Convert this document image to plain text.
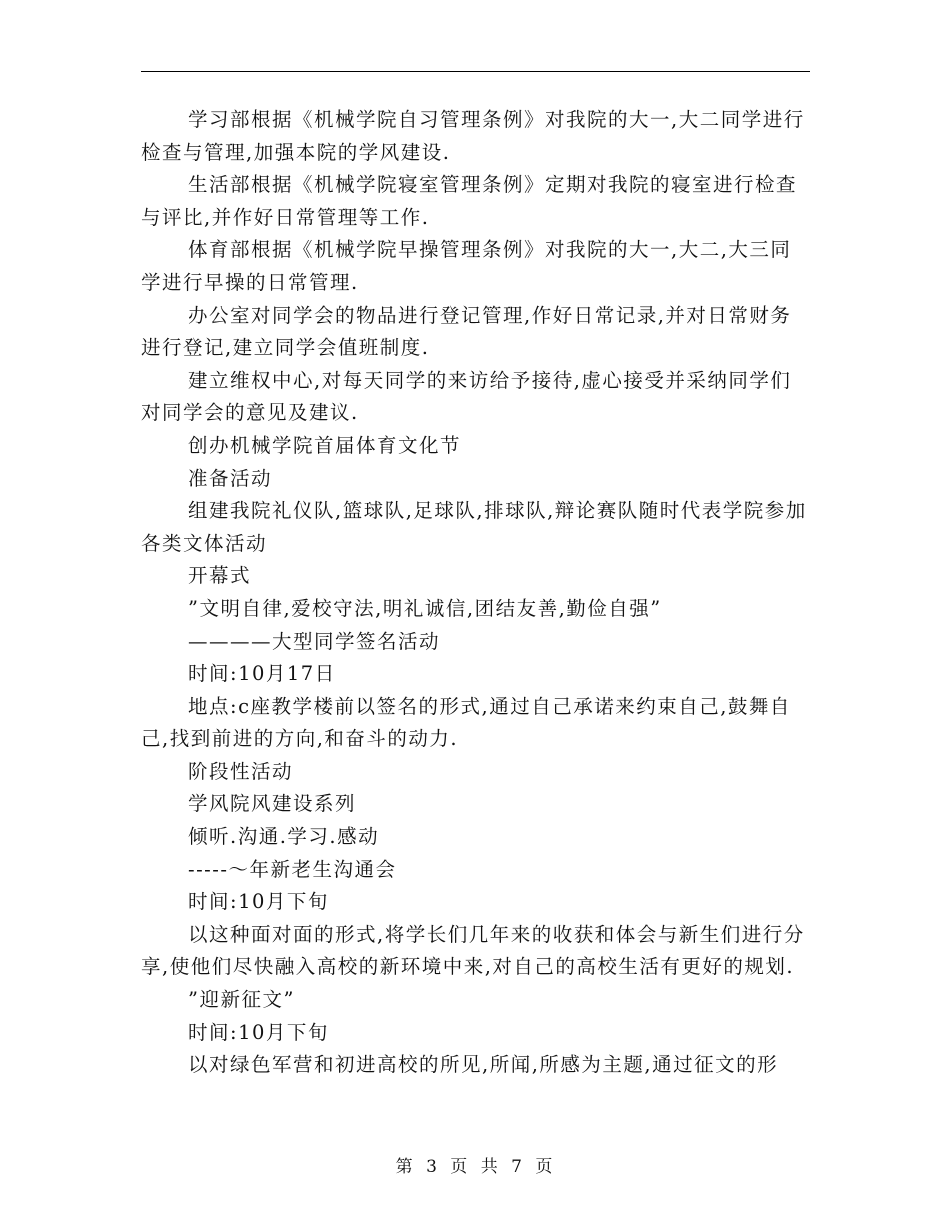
学习部根据《机械学院自习管理条例》对我院的大一,大二同学进行检查与管理,加强本院的学风建设.

生活部根据《机械学院寝室管理条例》定期对我院的寝室进行检查与评比,并作好日常管理等工作.

体育部根据《机械学院早操管理条例》对我院的大一,大二,大三同学进行早操的日常管理.

办公室对同学会的物品进行登记管理,作好日常记录,并对日常财务进行登记,建立同学会值班制度.

建立维权中心,对每天同学的来访给予接待,虚心接受并采纳同学们对同学会的意见及建议.

创办机械学院首届体育文化节

准备活动

组建我院礼仪队,篮球队,足球队,排球队,辩论赛队随时代表学院参加各类文体活动

开幕式

”文明自律,爱校守法,明礼诚信,团结友善,勤俭自强”

————大型同学签名活动

时间:10月17日

地点:c座教学楼前以签名的形式,通过自己承诺来约束自己,鼓舞自己,找到前进的方向,和奋斗的动力.

阶段性活动

学风院风建设系列

倾听.沟通.学习.感动

-----～年新老生沟通会

时间:10月下旬

以这种面对面的形式,将学长们几年来的收获和体会与新生们进行分享,使他们尽快融入高校的新环境中来,对自己的高校生活有更好的规划.

”迎新征文”

时间:10月下旬

以对绿色军营和初进高校的所见,所闻,所感为主题,通过征文的形

第 3 页 共 7 页
